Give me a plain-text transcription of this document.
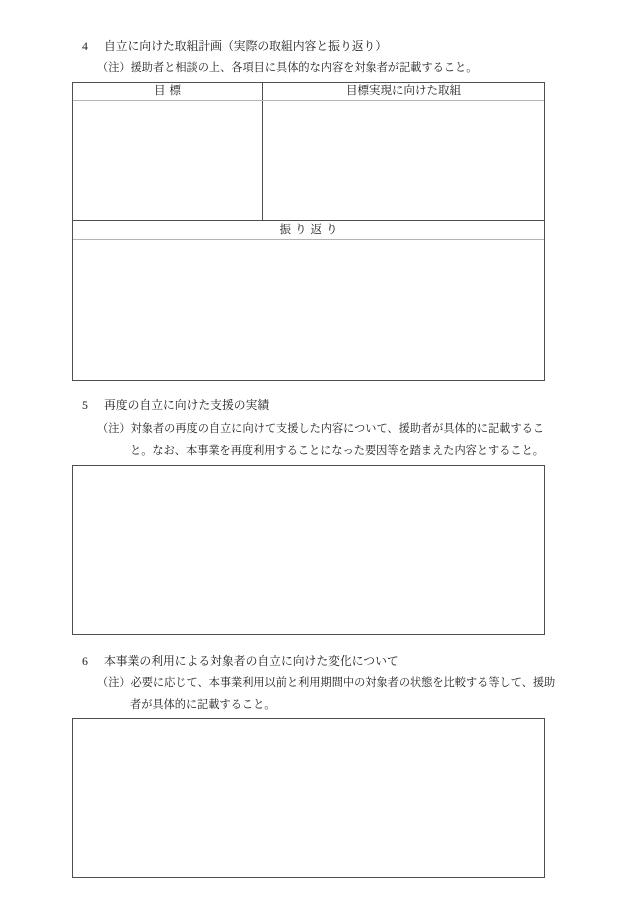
4 自立に向けた取組計画（実際の取組内容と振り返り）
（注）援助者と相談の上、各項目に具体的な内容を対象者が記載すること。
目標	目標実現に向けた取組
振り返り
5 再度の自立に向けた支援の実績
（注）対象者の再度の自立に向けて支援した内容について、援助者が具体的に記載するこ
と。なお、本事業を再度利用することになった要因等を踏まえた内容とすること。
6 本事業の利用による対象者の自立に向けた変化について
（注）必要に応じて、本事業利用以前と利用期間中の対象者の状態を比較する等して、援助
者が具体的に記載すること。
